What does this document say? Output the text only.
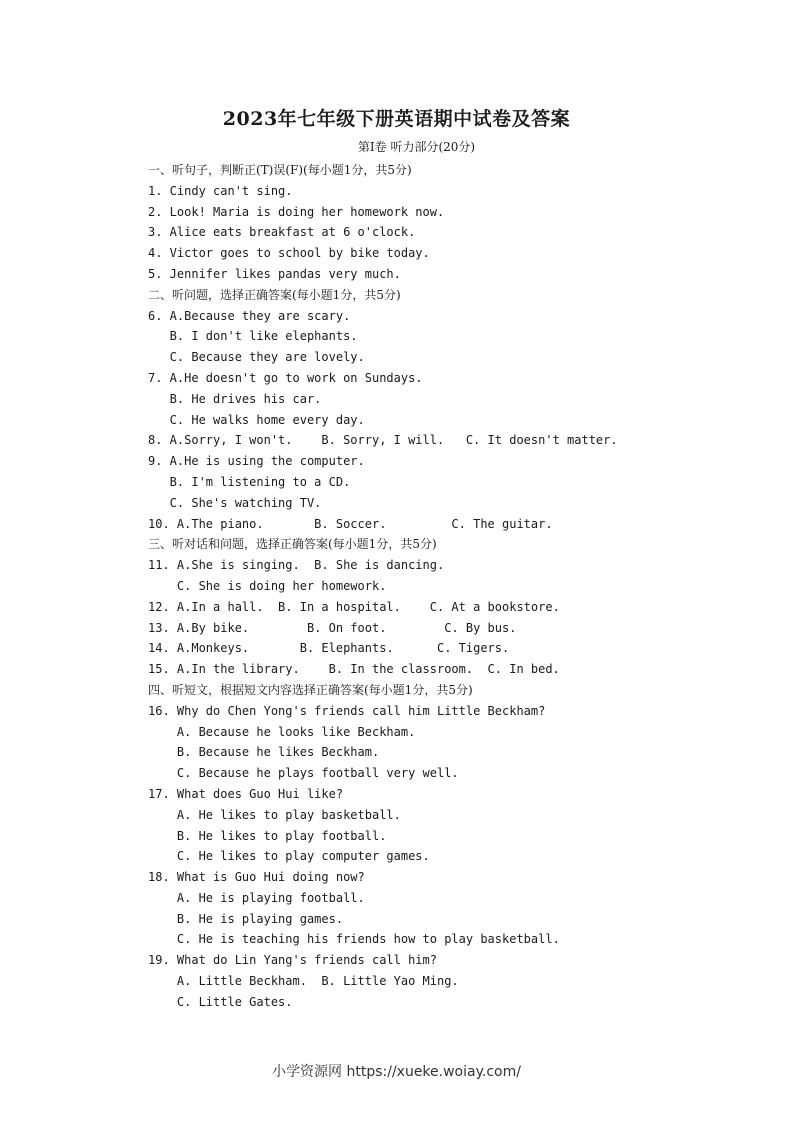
2023年七年级下册英语期中试卷及答案
第Ⅰ卷 听力部分(20分)
一、听句子，判断正(T)误(F)(每小题1分，共5分)
1. Cindy can't sing.
2. Look! Maria is doing her homework now.
3. Alice eats breakfast at 6 o'clock.
4. Victor goes to school by bike today.
5. Jennifer likes pandas very much.
二、听问题，选择正确答案(每小题1分，共5分)
6. A.Because they are scary.
B. I don't like elephants.
C. Because they are lovely.
7. A.He doesn't go to work on Sundays.
B. He drives his car.
C. He walks home every day.
8. A.Sorry, I won't.    B. Sorry, I will.   C. It doesn't matter.
9. A.He is using the computer.
B. I'm listening to a CD.
C. She's watching TV.
10. A.The piano.       B. Soccer.         C. The guitar.
三、听对话和问题，选择正确答案(每小题1分，共5分)
11. A.She is singing.  B. She is dancing.
C. She is doing her homework.
12. A.In a hall.  B. In a hospital.    C. At a bookstore.
13. A.By bike.        B. On foot.        C. By bus.
14. A.Monkeys.       B. Elephants.      C. Tigers.
15. A.In the library.    B. In the classroom.  C. In bed.
四、听短文，根据短文内容选择正确答案(每小题1分，共5分)
16. Why do Chen Yong's friends call him Little Beckham?
A. Because he looks like Beckham.
B. Because he likes Beckham.
C. Because he plays football very well.
17. What does Guo Hui like?
A. He likes to play basketball.
B. He likes to play football.
C. He likes to play computer games.
18. What is Guo Hui doing now?
A. He is playing football.
B. He is playing games.
C. He is teaching his friends how to play basketball.
19. What do Lin Yang's friends call him?
A. Little Beckham.  B. Little Yao Ming.
C. Little Gates.
小学资源网 https://xueke.woiay.com/
